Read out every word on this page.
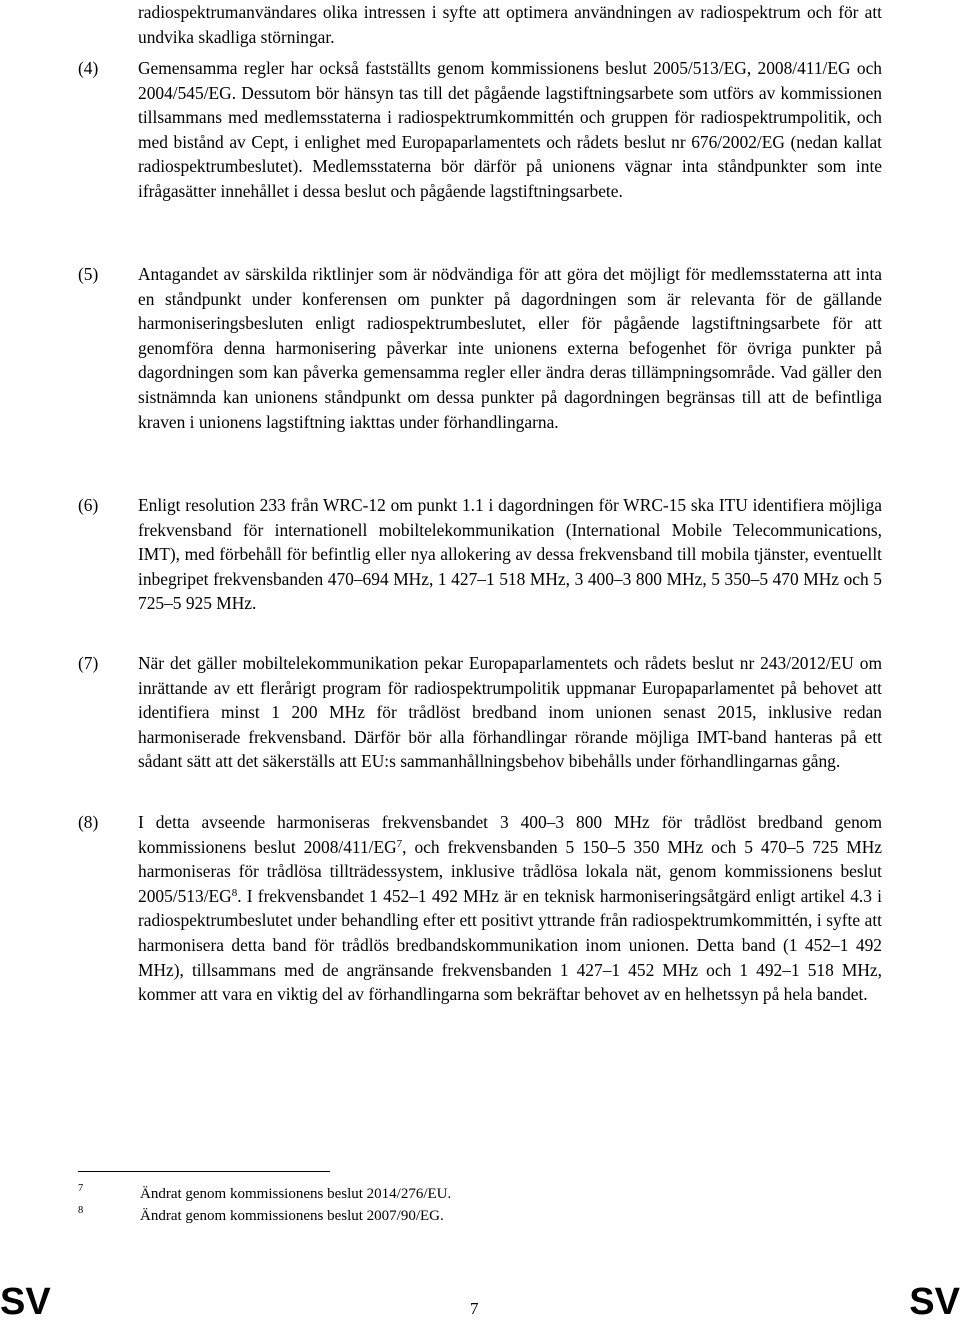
radiospektrumanvändares olika intressen i syfte att optimera användningen av radiospektrum och för att undvika skadliga störningar.

(4) Gemensamma regler har också fastställts genom kommissionens beslut 2005/513/EG, 2008/411/EG och 2004/545/EG. Dessutom bör hänsyn tas till det pågående lagstiftningsarbete som utförs av kommissionen tillsammans med medlemsstaterna i radiospektrumkommittén och gruppen för radiospektrumpolitik, och med bistånd av Cept, i enlighet med Europaparlamentets och rådets beslut nr 676/2002/EG (nedan kallat radiospektrumbeslutet). Medlemsstaterna bör därför på unionens vägnar inta ståndpunkter som inte ifrågasätter innehållet i dessa beslut och pågående lagstiftningsarbete.

(5) Antagandet av särskilda riktlinjer som är nödvändiga för att göra det möjligt för medlemsstaterna att inta en ståndpunkt under konferensen om punkter på dagordningen som är relevanta för de gällande harmoniseringsbesluten enligt radiospektrumbeslutet, eller för pågående lagstiftningsarbete för att genomföra denna harmonisering påverkar inte unionens externa befogenhet för övriga punkter på dagordningen som kan påverka gemensamma regler eller ändra deras tillämpningsområde. Vad gäller den sistnämnda kan unionens ståndpunkt om dessa punkter på dagordningen begränsas till att de befintliga kraven i unionens lagstiftning iakttas under förhandlingarna.

(6) Enligt resolution 233 från WRC-12 om punkt 1.1 i dagordningen för WRC-15 ska ITU identifiera möjliga frekvensband för internationell mobiltelekommunikation (International Mobile Telecommunications, IMT), med förbehåll för befintlig eller nya allokering av dessa frekvensband till mobila tjänster, eventuellt inbegripet frekvensbanden 470–694 MHz, 1 427–1 518 MHz, 3 400–3 800 MHz, 5 350–5 470 MHz och 5 725–5 925 MHz.

(7) När det gäller mobiltelekommunikation pekar Europaparlamentets och rådets beslut nr 243/2012/EU om inrättande av ett flerårigt program för radiospektrumpolitik uppmanar Europaparlamentet på behovet att identifiera minst 1 200 MHz för trådlöst bredband inom unionen senast 2015, inklusive redan harmoniserade frekvensband. Därför bör alla förhandlingar rörande möjliga IMT-band hanteras på ett sådant sätt att det säkerställs att EU:s sammanhållningsbehov bibehålls under förhandlingarnas gång.

(8) I detta avseende harmoniseras frekvensbandet 3 400–3 800 MHz för trådlöst bredband genom kommissionens beslut $2008/411/EG^7$, och frekvensbanden 5 150–5 350 MHz och 5 470–5 725 MHz harmoniseras för trådlösa tillträdessystem, inklusive trådlösa lokala nät, genom kommissionens beslut $2005/513/EG^8$. I frekvensbandet 1 452–1 492 MHz är en teknisk harmoniseringsåtgärd enligt artikel 4.3 i radiospektrumbeslutet under behandling efter ett positivt yttrande från radiospektrumkommittén, i syfte att harmonisera detta band för trådlös bredbandskommunikation inom unionen. Detta band (1 452–1 492 MHz), tillsammans med de angränsande frekvensbanden 1 427–1 452 MHz och 1 492–1 518 MHz, kommer att vara en viktig del av förhandlingarna som bekräftar behovet av en helhetssyn på hela bandet.

7	Ändrat genom kommissionens beslut 2014/276/EU.
8	Ändrat genom kommissionens beslut 2007/90/EG.
SV	7	SV
